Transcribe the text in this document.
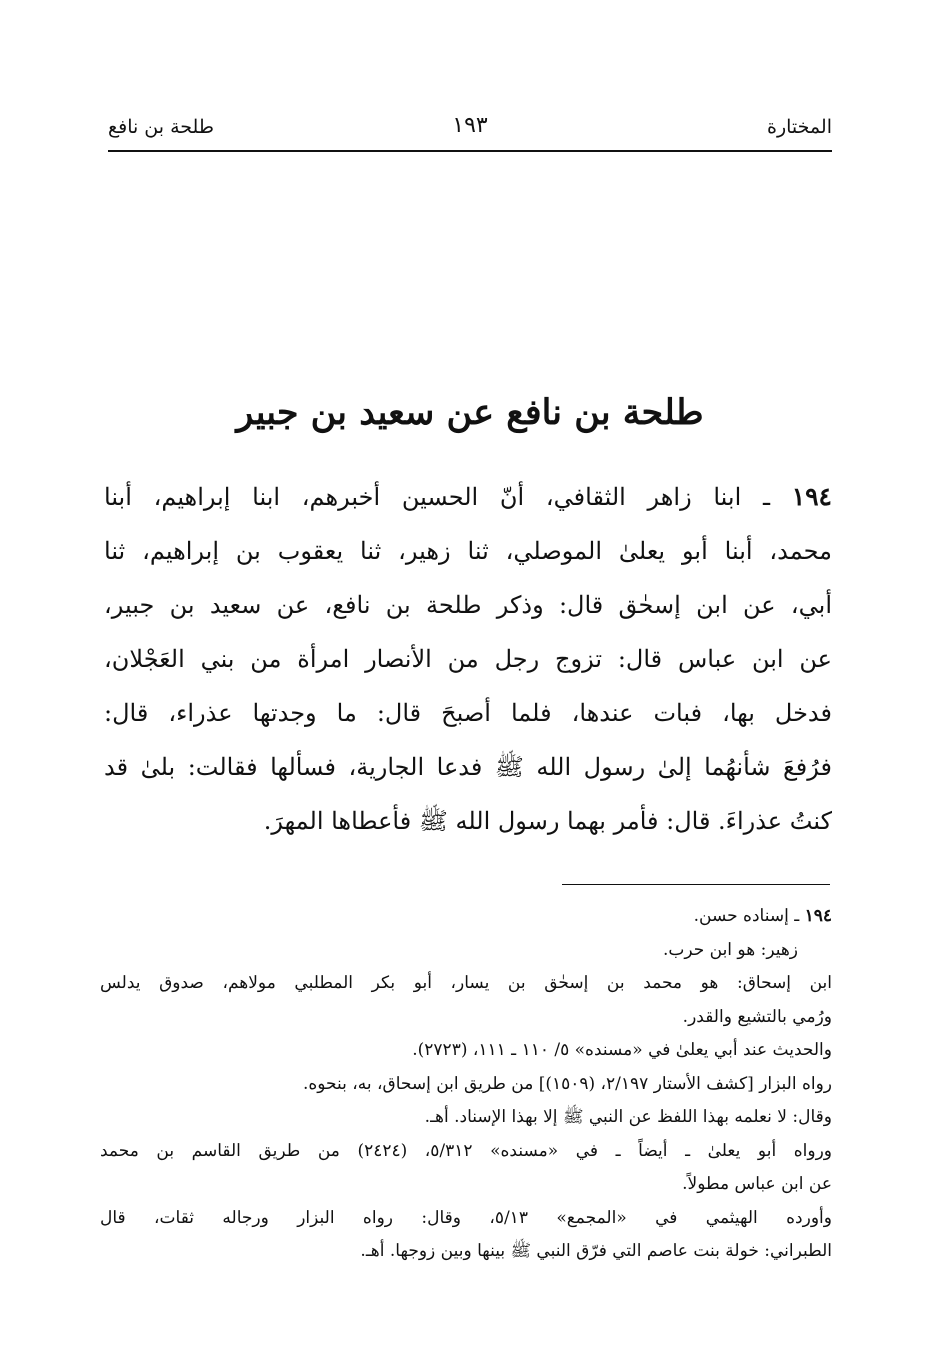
المختارة
١٩٣
طلحة بن نافع
طلحة بن نافع عن سعيد بن جبير
١٩٤ ـ ابنا زاهر الثقافي، أنّ الحسين أخبرهم، ابنا إبراهيم، أبنا
محمد، أبنا أبو يعلىٰ الموصلي، ثنا زهير، ثنا يعقوب بن إبراهيم، ثنا
أبي، عن ابن إسحٰق قال: وذكر طلحة بن نافع، عن سعيد بن جبير،
عن ابن عباس قال: تزوج رجل من الأنصار امرأة من بني العَجْلان،
فدخل بها، فبات عندها، فلما أصبحَ قال: ما وجدتها عذراء، قال:
فرُفعَ شأنهُما إلىٰ رسول الله ﷺ فدعا الجارية، فسألها فقالت: بلىٰ قد
كنتُ عذراءَ. قال: فأمر بهما رسول الله ﷺ فأعطاها المهرَ.
١٩٤ ـ إسناده حسن.
زهير: هو ابن حرب.
ابن إسحاق: هو محمد بن إسحٰق بن يسار، أبو بكر المطلبي مولاهم، صدوق يدلس
ورُمي بالتشيع والقدر.
والحديث عند أبي يعلىٰ في «مسنده» ٥/ ١١٠ ـ ١١١، (٢٧٢٣).
رواه البزار [كشف الأستار ٢/١٩٧، (١٥٠٩)] من طريق ابن إسحاق، به، بنحوه.
وقال: لا نعلمه بهذا اللفظ عن النبي ﷺ إلا بهذا الإسناد. أهـ.
ورواه أبو يعلىٰ ـ أيضاً ـ في «مسنده» ٥/٣١٢، (٢٤٢٤) من طريق القاسم بن محمد
عن ابن عباس مطولاً.
وأورده الهيثمي في «المجمع» ٥/١٣، وقال: رواه البزار ورجاله ثقات، قال
الطبراني: خولة بنت عاصم التي فرّق النبي ﷺ بينها وبين زوجها. أهـ.
